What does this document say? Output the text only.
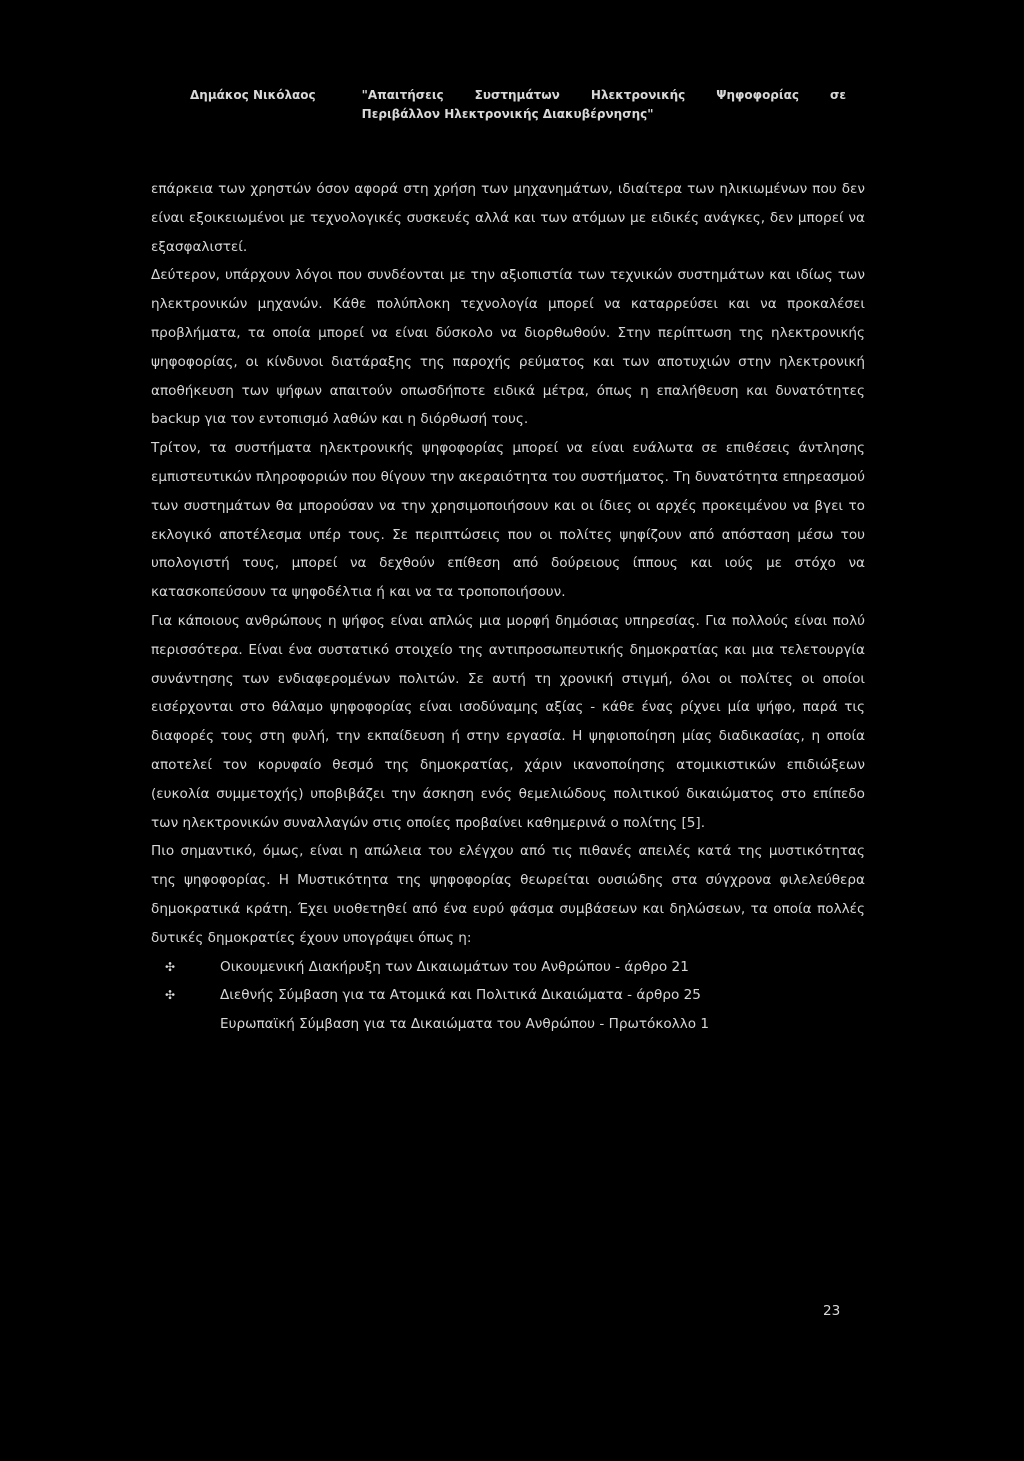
Δημάκος Νικόλαος	"Απαιτήσεις Συστημάτων Ηλεκτρονικής Ψηφοφορίας σε
Περιβάλλον Ηλεκτρονικής Διακυβέρνησης"

επάρκεια των χρηστών όσον αφορά στη χρήση των μηχανημάτων, ιδιαίτερα των ηλικιωμένων που δεν είναι εξοικειωμένοι με τεχνολογικές συσκευές αλλά και των ατόμων με ειδικές ανάγκες, δεν μπορεί να εξασφαλιστεί.

Δεύτερον, υπάρχουν λόγοι που συνδέονται με την αξιοπιστία των τεχνικών συστημάτων και ιδίως των ηλεκτρονικών μηχανών. Κάθε πολύπλοκη τεχνολογία μπορεί να καταρρεύσει και να προκαλέσει προβλήματα, τα οποία μπορεί να είναι δύσκολο να διορθωθούν. Στην περίπτωση της ηλεκτρονικής ψηφοφορίας, οι κίνδυνοι διατάραξης της παροχής ρεύματος και των αποτυχιών στην ηλεκτρονική αποθήκευση των ψήφων απαιτούν οπωσδήποτε ειδικά μέτρα, όπως η επαλήθευση και δυνατότητες backup για τον εντοπισμό λαθών και η διόρθωσή τους.

Τρίτον, τα συστήματα ηλεκτρονικής ψηφοφορίας μπορεί να είναι ευάλωτα σε επιθέσεις άντλησης εμπιστευτικών πληροφοριών που θίγουν την ακεραιότητα του συστήματος. Τη δυνατότητα επηρεασμού των συστημάτων θα μπορούσαν να την χρησιμοποιήσουν και οι ίδιες οι αρχές προκειμένου να βγει το εκλογικό αποτέλεσμα υπέρ τους. Σε περιπτώσεις που οι πολίτες ψηφίζουν από απόσταση μέσω του υπολογιστή τους, μπορεί να δεχθούν επίθεση από δούρειους ίππους και ιούς με στόχο να κατασκοπεύσουν τα ψηφοδέλτια ή και να τα τροποποιήσουν.

Για κάποιους ανθρώπους η ψήφος είναι απλώς μια μορφή δημόσιας υπηρεσίας. Για πολλούς είναι πολύ περισσότερα. Είναι ένα συστατικό στοιχείο της αντιπροσωπευτικής δημοκρατίας και μια τελετουργία συνάντησης των ενδιαφερομένων πολιτών. Σε αυτή τη χρονική στιγμή, όλοι οι πολίτες οι οποίοι εισέρχονται στο θάλαμο ψηφοφορίας είναι ισοδύναμης αξίας - κάθε ένας ρίχνει μία ψήφο, παρά τις διαφορές τους στη φυλή, την εκπαίδευση ή στην εργασία. Η ψηφιοποίηση μίας διαδικασίας, η οποία αποτελεί τον κορυφαίο θεσμό της δημοκρατίας, χάριν ικανοποίησης ατομικιστικών επιδιώξεων (ευκολία συμμετοχής) υποβιβάζει την άσκηση ενός θεμελιώδους πολιτικού δικαιώματος στο επίπεδο των ηλεκτρονικών συναλλαγών στις οποίες προβαίνει καθημερινά ο πολίτης [5].

Πιο σημαντικό, όμως, είναι η απώλεια του ελέγχου από τις πιθανές απειλές κατά της μυστικότητας της ψηφοφορίας. Η Μυστικότητα της ψηφοφορίας θεωρείται ουσιώδης στα σύγχρονα φιλελεύθερα δημοκρατικά κράτη. Έχει υιοθετηθεί από ένα ευρύ φάσμα συμβάσεων και δηλώσεων, τα οποία πολλές δυτικές δημοκρατίες έχουν υπογράψει όπως η:

✣	Οικουμενική Διακήρυξη των Δικαιωμάτων του Ανθρώπου - άρθρο 21
✣	Διεθνής Σύμβαση για τα Ατομικά και Πολιτικά Δικαιώματα - άρθρο 25
Ευρωπαϊκή Σύμβαση για τα Δικαιώματα του Ανθρώπου - Πρωτόκολλο 1
23
